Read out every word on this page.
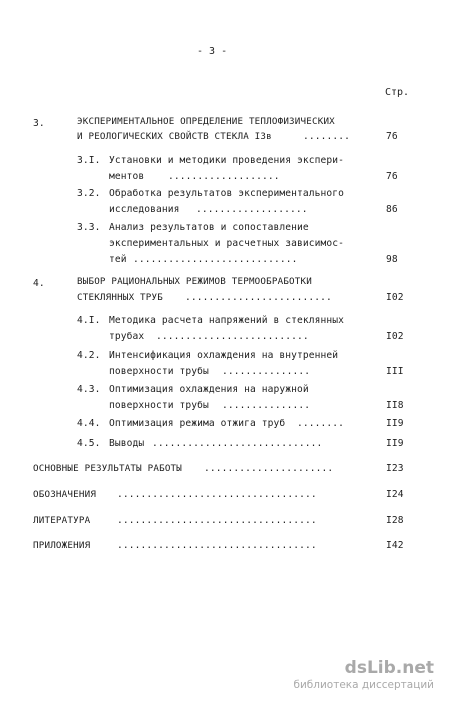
- 3 -
Стр.
3.	ЭКСПЕРИМЕНТАЛЬНОЕ ОПРЕДЕЛЕНИЕ ТЕПЛОФИЗИЧЕСКИХ
И РЕОЛОГИЧЕСКИХ СВОЙСТВ СТЕКЛА I3в	........	76
3.I. Установки и методики проведения экспери-
ментов ...................	76
3.2. Обработка результатов экспериментального
исследования ...................	86
3.3. Анализ результатов и сопоставление
экспериментальных и расчетных зависимос-
тей ............................	98
4.	ВЫБОР РАЦИОНАЛЬНЫХ РЕЖИМОВ ТЕРМООБРАБОТКИ
СТЕКЛЯННЫХ ТРУБ .........................	I02
4.I. Методика расчета напряжений в стеклянных
трубах ..........................	I02
4.2. Интенсификация охлаждения на внутренней
поверхности трубы ...............	III
4.3. Оптимизация охлаждения на наружной
поверхности трубы ...............	II8
4.4. Оптимизация режима отжига труб ........	II9
4.5. Выводы .............................	II9
ОСНОВНЫЕ РЕЗУЛЬТАТЫ РАБОТЫ ......................	I23
ОБОЗНАЧЕНИЯ ..................................	I24
ЛИТЕРАТУРА	..................................	I28
ПРИЛОЖЕНИЯ	..................................	I42
dsLib.net
библиотека диссертаций
